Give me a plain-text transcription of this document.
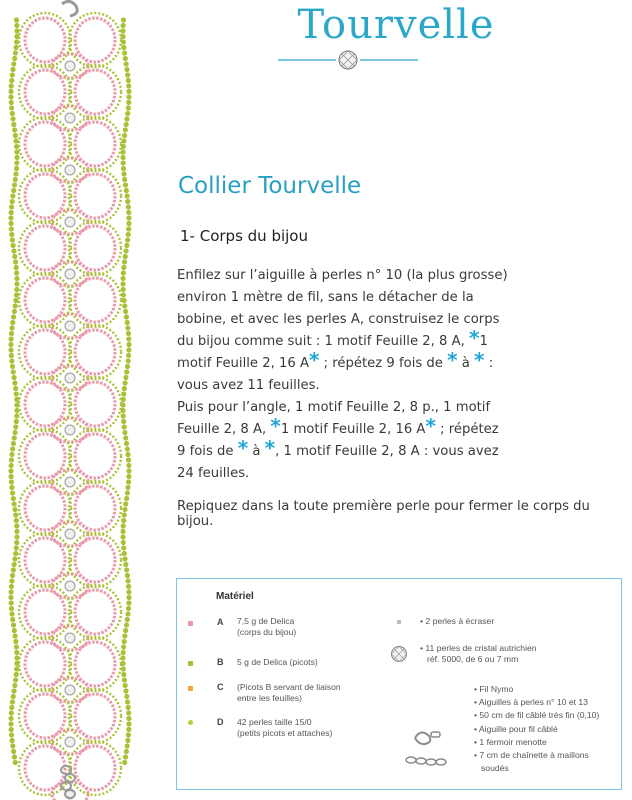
Tourvelle
Collier Tourvelle
1- Corps du bijou

Enfilez sur l’aiguille à perles n° 10 (la plus grosse)
environ 1 mètre de fil, sans le détacher de la
bobine, et avec les perles A, construisez le corps
du bijou comme suit : 1 motif Feuille 2, 8 A, *1
motif Feuille 2, 16 A* ; répétez 9 fois de * à * :
vous avez 11 feuilles.

Puis pour l’angle, 1 motif Feuille 2, 8 p., 1 motif
Feuille 2, 8 A, *1 motif Feuille 2, 16 A* ; répétez
9 fois de * à *, 1 motif Feuille 2, 8 A : vous avez
24 feuilles.

Repiquez dans la toute première perle pour fermer le corps du bijou.
Matériel
A 7,5 g de Delica
(corps du bijou)
B 5 g de Delica (picots)
C (Picots B servant de liaison
entre les feuilles)
D 42 perles taille 15/0
(petits picots et attaches)
• 2 perles à écraser
• 11 perles de cristal autrichien
réf. 5000, de 6 ou 7 mm
• Fil Nymo
• Aiguilles à perles n° 10 et 13
• 50 cm de fil câblé très fin (0,10)
• Aiguille pour fil câblé
• 1 fermoir menotte
• 7 cm de chaînette à maillons
soudés
